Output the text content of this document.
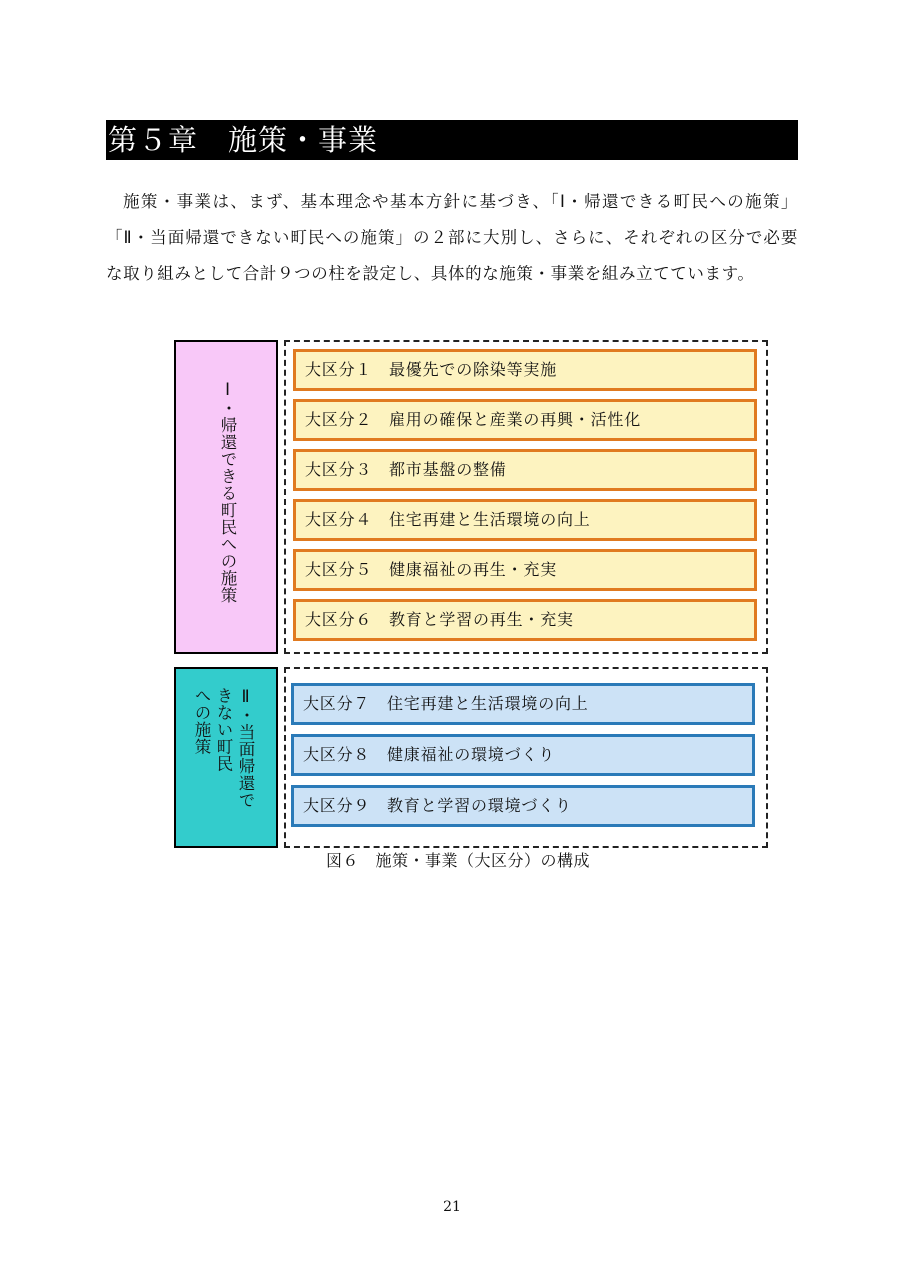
第５章　施策・事業

施策・事業は、まず、基本理念や基本方針に基づき、「Ⅰ・帰還できる町民への施策」「Ⅱ・当面帰還できない町民への施策」の２部に大別し、さらに、それぞれの区分で必要な取り組みとして合計９つの柱を設定し、具体的な施策・事業を組み立てています。

Ⅰ・帰還できる町民への施策
大区分１　最優先での除染等実施
大区分２　雇用の確保と産業の再興・活性化
大区分３　都市基盤の整備
大区分４　住宅再建と生活環境の向上
大区分５　健康福祉の再生・充実
大区分６　教育と学習の再生・充実
Ⅱ・当面帰還で
きない町民
への施策	大区分７　住宅再建と生活環境の向上
大区分８　健康福祉の環境づくり
大区分９　教育と学習の環境づくり
図６　施策・事業（大区分）の構成
21
